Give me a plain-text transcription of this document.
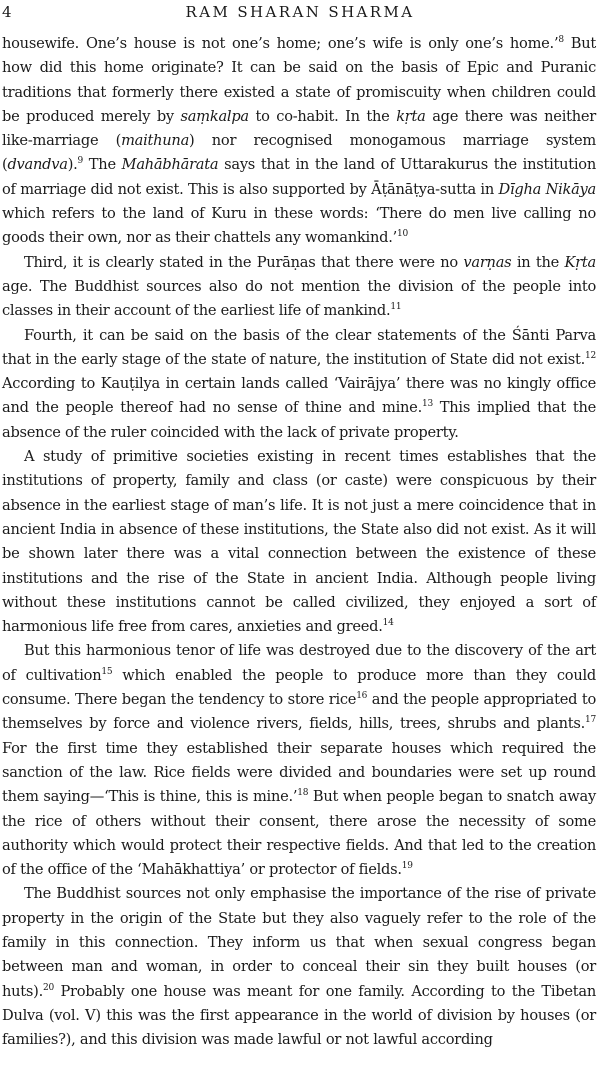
4	RAM SHARAN SHARMA

housewife. One’s house is not one’s home; one’s wife is only one’s home.’$^8$ But how did this home originate? It can be said on the basis of Epic and Puranic traditions that formerly there existed a state of promiscuity when children could be produced merely by saṃkalpa to co-habit. In the kṛta age there was neither like-marriage (maithuna) nor recognised monogamous marriage system (dvandva).$^9$ The Mahābhārata says that in the land of Uttarakurus the institution of marriage did not exist. This is also supported by Āṭānāṭya-sutta in Dīgha Nikāya which refers to the land of Kuru in these words: ‘There do men live calling no goods their own, nor as their chattels any womankind.’$^{10}$

Third, it is clearly stated in the Purāṇas that there were no varṇas in the Kṛta age. The Buddhist sources also do not mention the division of the people into classes in their account of the earliest life of mankind.$^{11}$

Fourth, it can be said on the basis of the clear statements of the Śānti Parva that in the early stage of the state of nature, the institution of State did not exist.$^{12}$ According to Kauṭilya in certain lands called ‘Vairājya’ there was no kingly office and the people thereof had no sense of thine and mine.$^{13}$ This implied that the absence of the ruler coincided with the lack of private property.

A study of primitive societies existing in recent times establishes that the institutions of property, family and class (or caste) were conspicuous by their absence in the earliest stage of man’s life. It is not just a mere coincidence that in ancient India in absence of these institutions, the State also did not exist. As it will be shown later there was a vital connection between the existence of these institutions and the rise of the State in ancient India. Although people living without these institutions cannot be called civilized, they enjoyed a sort of harmonious life free from cares, anxieties and greed.$^{14}$

But this harmonious tenor of life was destroyed due to the discovery of the art of cultivation$^{15}$ which enabled the people to produce more than they could consume. There began the tendency to store rice$^{16}$ and the people appropriated to themselves by force and violence rivers, fields, hills, trees, shrubs and plants.$^{17}$ For the first time they established their separate houses which required the sanction of the law. Rice fields were divided and boundaries were set up round them saying—‘This is thine, this is mine.’$^{18}$ But when people began to snatch away the rice of others without their consent, there arose the necessity of some authority which would protect their respective fields. And that led to the creation of the office of the ‘Mahākhattiya’ or protector of fields.$^{19}$

The Buddhist sources not only emphasise the importance of the rise of private property in the origin of the State but they also vaguely refer to the role of the family in this connection. They inform us that when sexual congress began between man and woman, in order to conceal their sin they built houses (or huts).$^{20}$ Probably one house was meant for one family. According to the Tibetan Dulva (vol. V) this was the first appearance in the world of division by houses (or families?), and this division was made lawful or not lawful according
